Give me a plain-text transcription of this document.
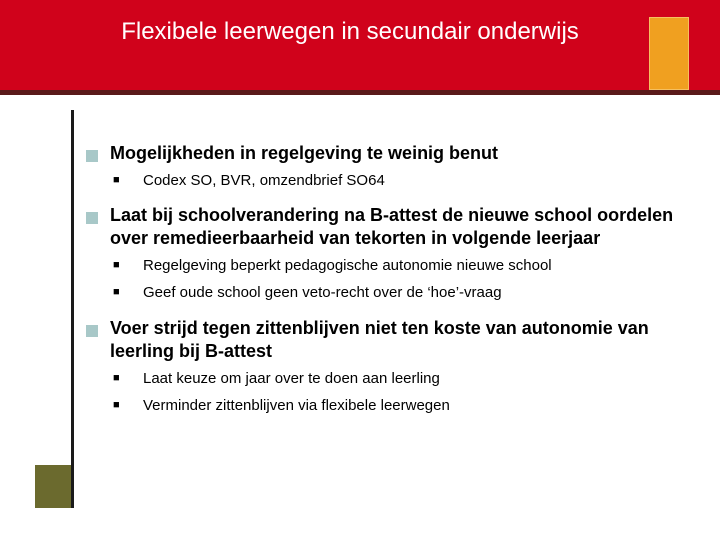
Flexibele leerwegen in secundair onderwijs
Mogelijkheden in regelgeving te weinig benut
■ Codex SO, BVR, omzendbrief SO64
Laat bij schoolverandering na B-attest de nieuwe school oordelen over remedieerbaarheid van tekorten in volgende leerjaar
■ Regelgeving beperkt pedagogische autonomie nieuwe school
■ Geef oude school geen veto-recht over de ‘hoe’-vraag
Voer strijd tegen zittenblijven niet ten koste van autonomie van leerling bij B-attest
■ Laat keuze om jaar over te doen aan leerling
■ Verminder zittenblijven via flexibele leerwegen
